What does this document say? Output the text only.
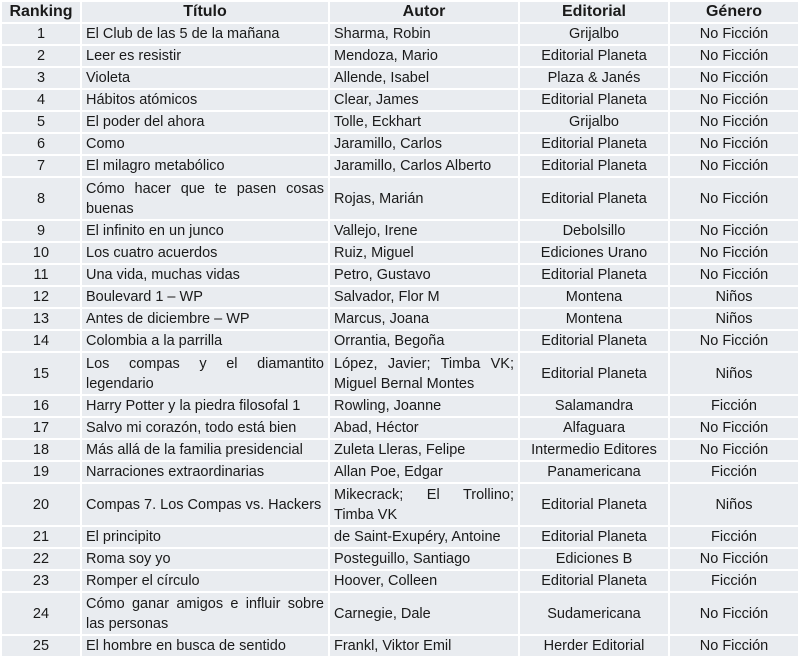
Ranking	Título	Autor	Editorial	Género
1	El Club de las 5 de la mañana	Sharma, Robin	Grijalbo	No Ficción
2	Leer es resistir	Mendoza, Mario	Editorial Planeta	No Ficción
3	Violeta	Allende, Isabel	Plaza & Janés	No Ficción
4	Hábitos atómicos	Clear, James	Editorial Planeta	No Ficción
5	El poder del ahora	Tolle, Eckhart	Grijalbo	No Ficción
6	Como	Jaramillo, Carlos	Editorial Planeta	No Ficción
7	El milagro metabólico	Jaramillo, Carlos Alberto	Editorial Planeta	No Ficción
8	Cómo hacer que te pasen cosas buenas	Rojas, Marián	Editorial Planeta	No Ficción
9	El infinito en un junco	Vallejo, Irene	Debolsillo	No Ficción
10	Los cuatro acuerdos	Ruiz, Miguel	Ediciones Urano	No Ficción
11	Una vida, muchas vidas	Petro, Gustavo	Editorial Planeta	No Ficción
12	Boulevard 1 – WP	Salvador, Flor M	Montena	Niños
13	Antes de diciembre – WP	Marcus, Joana	Montena	Niños
14	Colombia a la parrilla	Orrantia, Begoña	Editorial Planeta	No Ficción
15	Los compas y el diamantito legendario	López, Javier; Timba VK; Miguel Bernal Montes	Editorial Planeta	Niños
16	Harry Potter y la piedra filosofal 1	Rowling, Joanne	Salamandra	Ficción
17	Salvo mi corazón, todo está bien	Abad, Héctor	Alfaguara	No Ficción
18	Más allá de la familia presidencial	Zuleta Lleras, Felipe	Intermedio Editores	No Ficción
19	Narraciones extraordinarias	Allan Poe, Edgar	Panamericana	Ficción
20	Compas 7. Los Compas vs. Hackers	Mikecrack; El Trollino; Timba VK	Editorial Planeta	Niños
21	El principito	de Saint-Exupéry, Antoine	Editorial Planeta	Ficción
22	Roma soy yo	Posteguillo, Santiago	Ediciones B	No Ficción
23	Romper el círculo	Hoover, Colleen	Editorial Planeta	Ficción
24	Cómo ganar amigos e influir sobre las personas	Carnegie, Dale	Sudamericana	No Ficción
25	El hombre en busca de sentido	Frankl, Viktor Emil	Herder Editorial	No Ficción
